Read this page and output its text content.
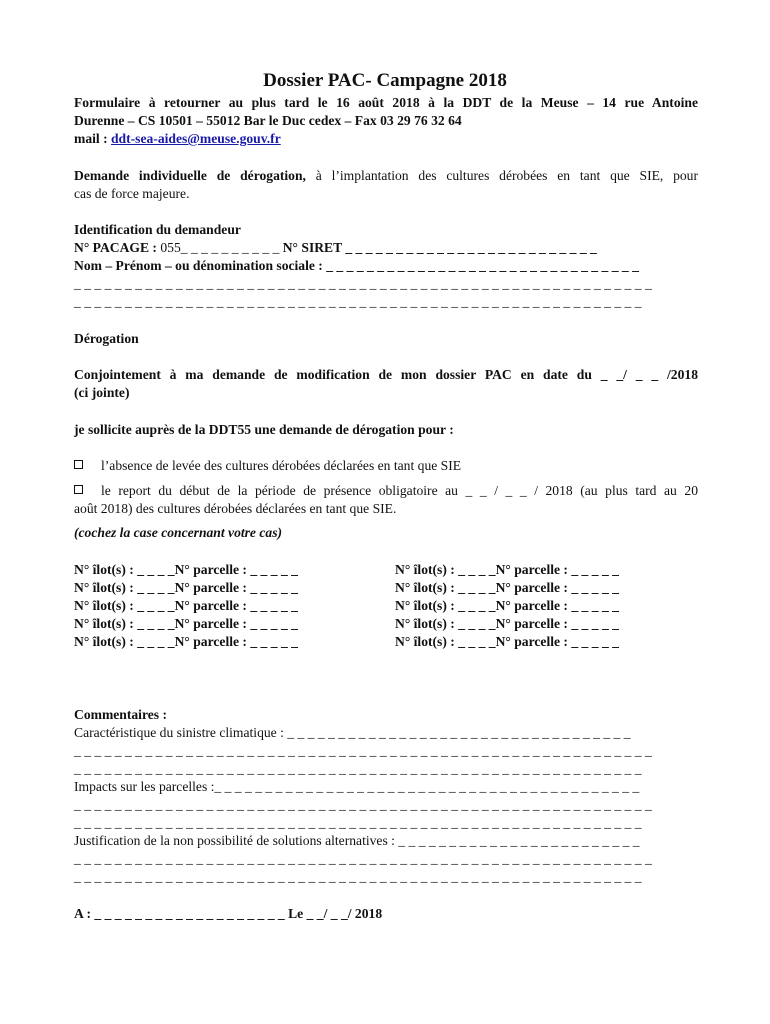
Dossier PAC- Campagne 2018
Formulaire à retourner au plus tard le 16 août 2018 à la DDT de la Meuse – 14 rue Antoine
Durenne – CS 10501 – 55012 Bar le Duc cedex – Fax 03 29 76 32 64
mail : ddt-sea-aides@meuse.gouv.fr
Demande individuelle de dérogation, à l’implantation des cultures dérobées en tant que SIE, pour
cas de force majeure.
Identification du demandeur
N° PACAGE : 055_ _ _ _ _ _ _ _ _ _ N° SIRET _ _ _ _ _ _ _ _ _ _ _ _ _ _ _ _ _ _ _ _ _ _ _ _ _
Nom – Prénom – ou dénomination sociale : _ _ _ _ _ _ _ _ _ _ _ _ _ _ _ _ _ _ _ _ _ _ _ _ _ _ _ _ _ _ _
_ _ _ _ _ _ _ _ _ _ _ _ _ _ _ _ _ _ _ _ _ _ _ _ _ _ _ _ _ _ _ _ _ _ _ _ _ _ _ _ _ _ _ _ _ _ _ _ _ _ _ _ _ _ _ _ _
_ _ _ _ _ _ _ _ _ _ _ _ _ _ _ _ _ _ _ _ _ _ _ _ _ _ _ _ _ _ _ _ _ _ _ _ _ _ _ _ _ _ _ _ _ _ _ _ _ _ _ _ _ _ _ _
Dérogation
Conjointement à ma demande de modification de mon dossier PAC en date du _ _/ _ _ /2018
(ci jointe)
je sollicite auprès de la DDT55 une demande de dérogation pour :
l’absence de levée des cultures dérobées déclarées en tant que SIE
le report du début de la période de présence obligatoire au _ _ / _ _ / 2018 (au plus tard au 20
août 2018) des cultures dérobées déclarées en tant que SIE.
(cochez la case concernant votre cas)
N° îlot(s) : _ _ _ _N° parcelle : _ _ _ _ _
N° îlot(s) : _ _ _ _N° parcelle : _ _ _ _ _
N° îlot(s) : _ _ _ _N° parcelle : _ _ _ _ _
N° îlot(s) : _ _ _ _N° parcelle : _ _ _ _ _
N° îlot(s) : _ _ _ _N° parcelle : _ _ _ _ _
N° îlot(s) : _ _ _ _N° parcelle : _ _ _ _ _
N° îlot(s) : _ _ _ _N° parcelle : _ _ _ _ _
N° îlot(s) : _ _ _ _N° parcelle : _ _ _ _ _
N° îlot(s) : _ _ _ _N° parcelle : _ _ _ _ _
N° îlot(s) : _ _ _ _N° parcelle : _ _ _ _ _
Commentaires :
Caractéristique du sinistre climatique : _ _ _ _ _ _ _ _ _ _ _ _ _ _ _ _ _ _ _ _ _ _ _ _ _ _ _ _ _ _ _ _ _ _
_ _ _ _ _ _ _ _ _ _ _ _ _ _ _ _ _ _ _ _ _ _ _ _ _ _ _ _ _ _ _ _ _ _ _ _ _ _ _ _ _ _ _ _ _ _ _ _ _ _ _ _ _ _ _ _ _
_ _ _ _ _ _ _ _ _ _ _ _ _ _ _ _ _ _ _ _ _ _ _ _ _ _ _ _ _ _ _ _ _ _ _ _ _ _ _ _ _ _ _ _ _ _ _ _ _ _ _ _ _ _ _ _
Impacts sur les parcelles :_ _ _ _ _ _ _ _ _ _ _ _ _ _ _ _ _ _ _ _ _ _ _ _ _ _ _ _ _ _ _ _ _ _ _ _ _ _ _ _ _ _
_ _ _ _ _ _ _ _ _ _ _ _ _ _ _ _ _ _ _ _ _ _ _ _ _ _ _ _ _ _ _ _ _ _ _ _ _ _ _ _ _ _ _ _ _ _ _ _ _ _ _ _ _ _ _ _ _
_ _ _ _ _ _ _ _ _ _ _ _ _ _ _ _ _ _ _ _ _ _ _ _ _ _ _ _ _ _ _ _ _ _ _ _ _ _ _ _ _ _ _ _ _ _ _ _ _ _ _ _ _ _ _ _
Justification de la non possibilité de solutions alternatives : _ _ _ _ _ _ _ _ _ _ _ _ _ _ _ _ _ _ _ _ _ _ _ _
_ _ _ _ _ _ _ _ _ _ _ _ _ _ _ _ _ _ _ _ _ _ _ _ _ _ _ _ _ _ _ _ _ _ _ _ _ _ _ _ _ _ _ _ _ _ _ _ _ _ _ _ _ _ _ _ _
_ _ _ _ _ _ _ _ _ _ _ _ _ _ _ _ _ _ _ _ _ _ _ _ _ _ _ _ _ _ _ _ _ _ _ _ _ _ _ _ _ _ _ _ _ _ _ _ _ _ _ _ _ _ _ _
A : _ _ _ _ _ _ _ _ _ _ _ _ _ _ _ _ _ _ _ Le _ _/ _ _/ 2018
